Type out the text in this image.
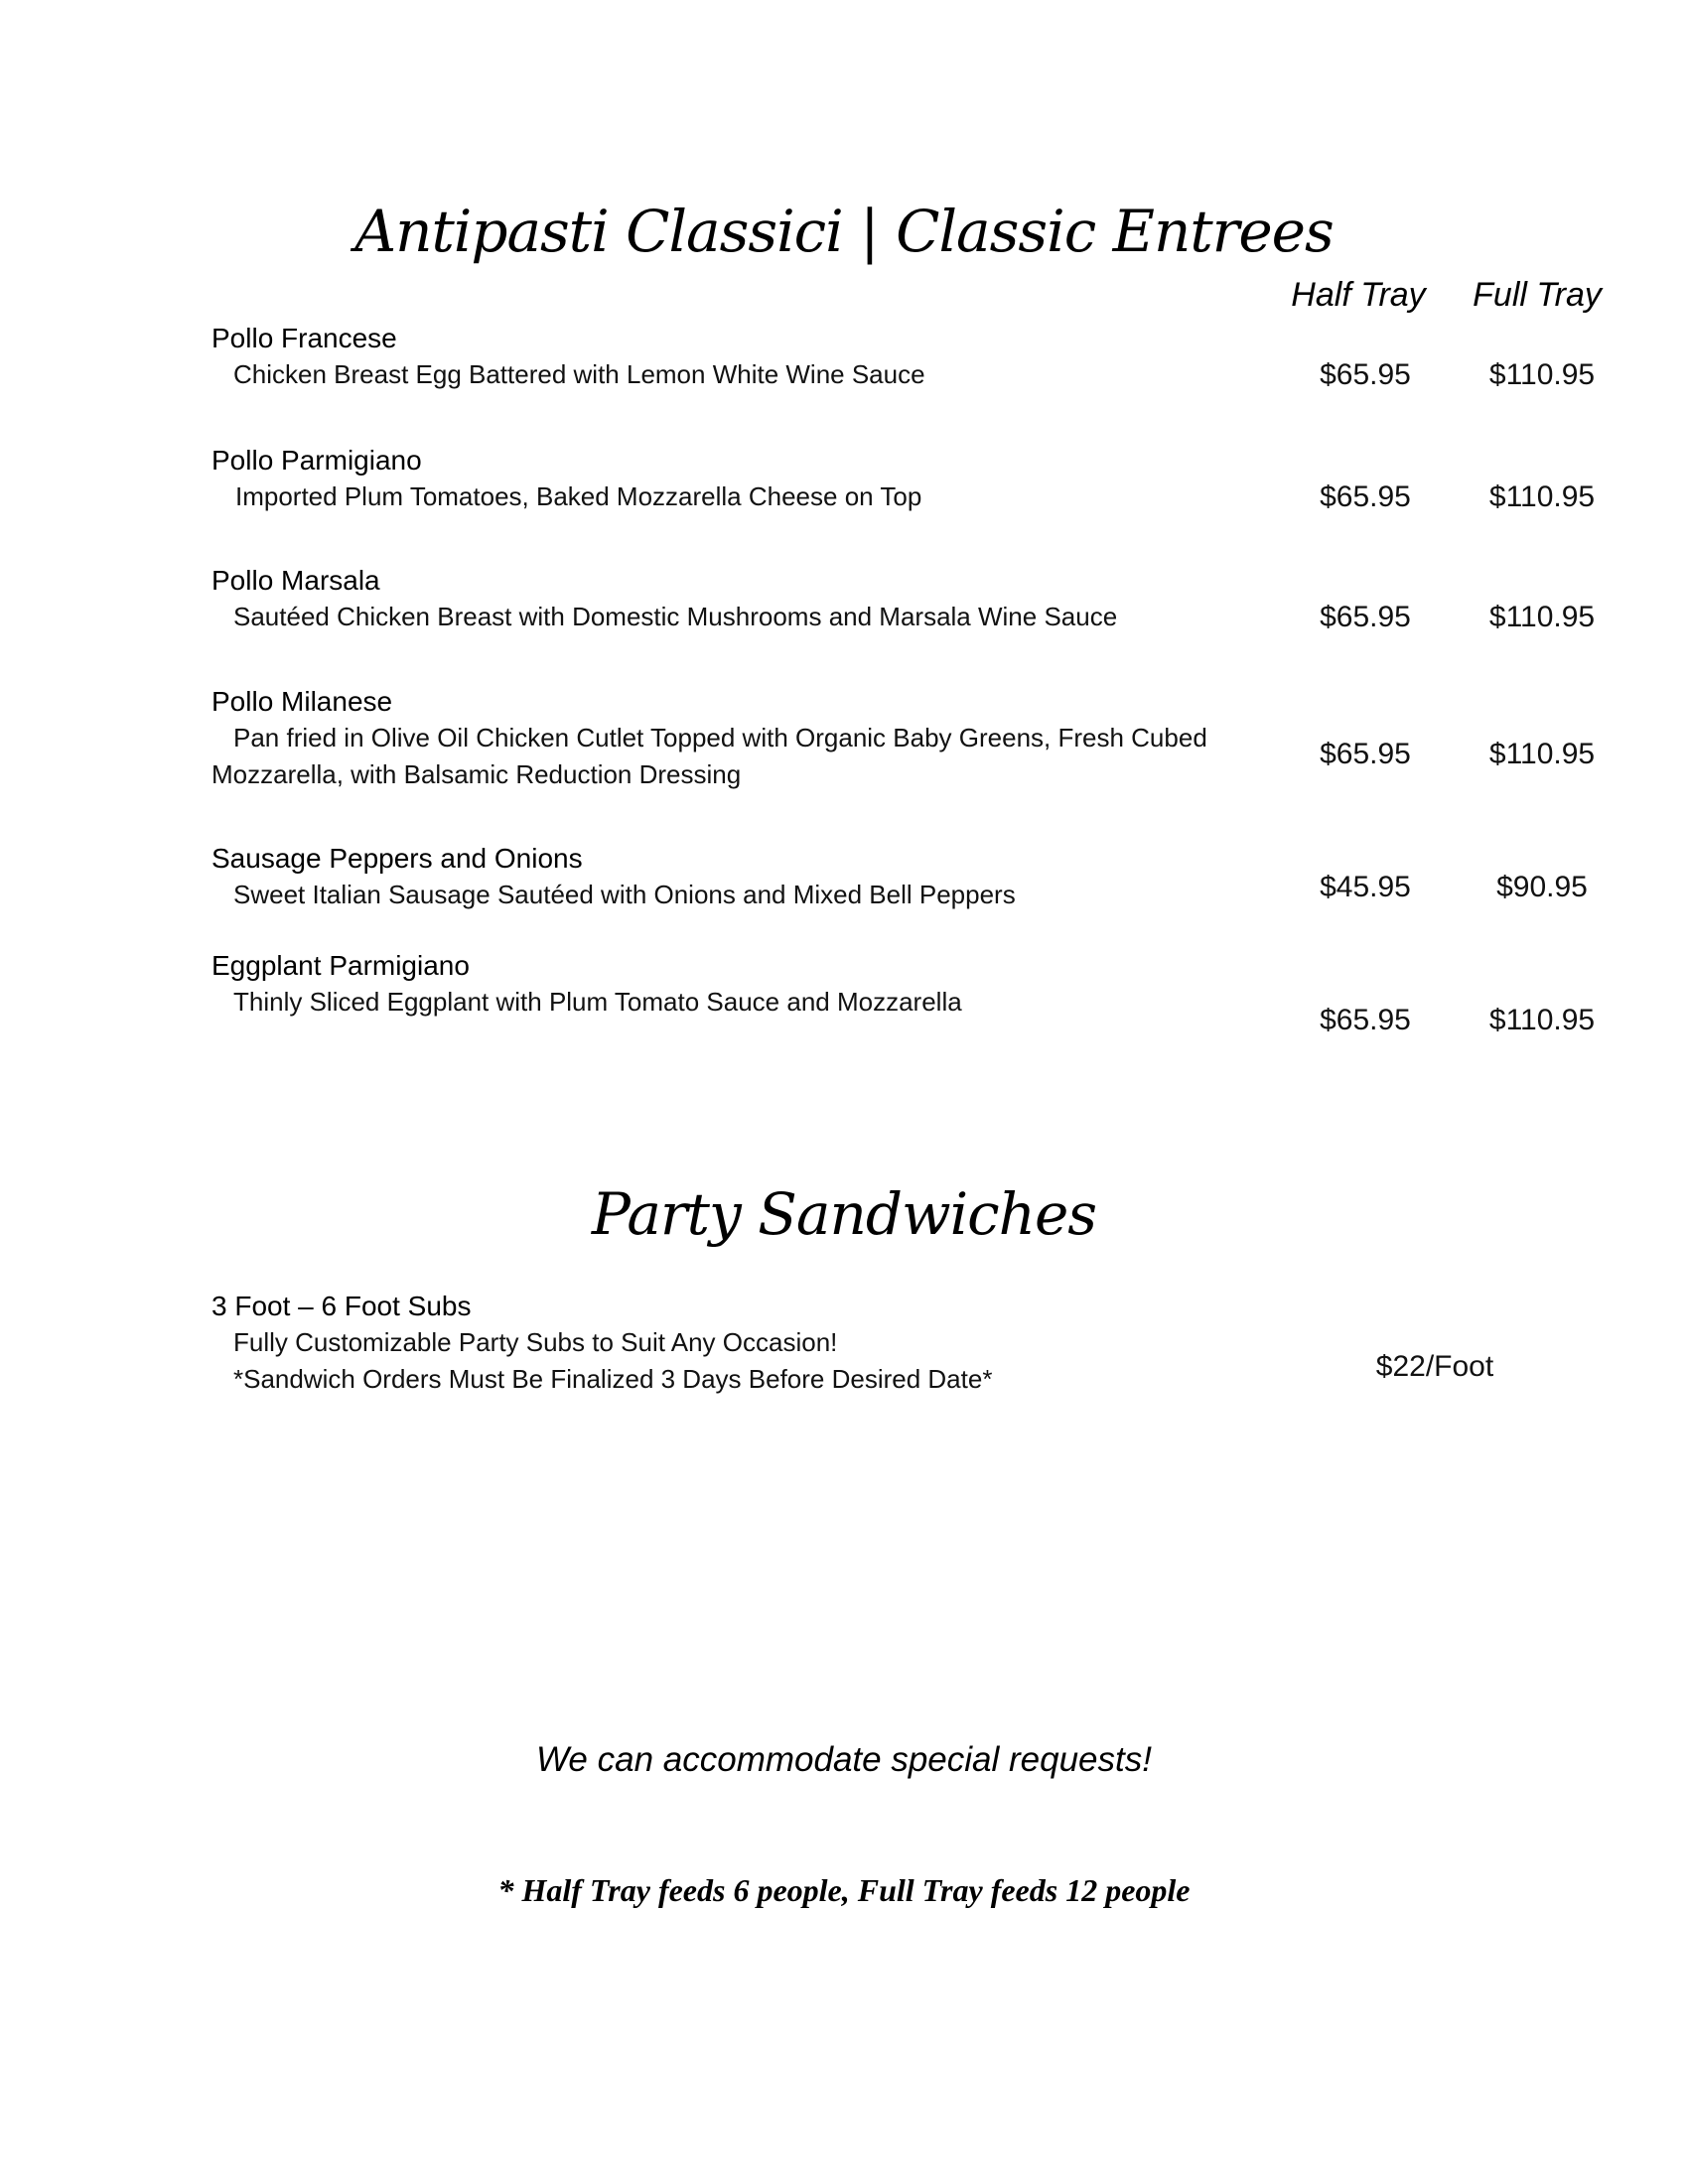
Antipasti Classici | Classic Entrees
Half Tray	Full Tray
Pollo Francese
Chicken Breast Egg Battered with Lemon White Wine Sauce	$65.95	$110.95
Pollo Parmigiano
Imported Plum Tomatoes, Baked Mozzarella Cheese on Top	$65.95	$110.95
Pollo Marsala
Sautéed Chicken Breast with Domestic Mushrooms and Marsala Wine Sauce	$65.95	$110.95
Pollo Milanese
Pan fried in Olive Oil Chicken Cutlet Topped with Organic Baby Greens, Fresh Cubed
Mozzarella, with Balsamic Reduction Dressing
$65.95	$110.95
Sausage Peppers and Onions
Sweet Italian Sausage Sautéed with Onions and Mixed Bell Peppers	$45.95	$90.95
Eggplant Parmigiano
Thinly Sliced Eggplant with Plum Tomato Sauce and Mozzarella
$65.95	$110.95
Party Sandwiches
3 Foot – 6 Foot Subs
Fully Customizable Party Subs to Suit Any Occasion!
*Sandwich Orders Must Be Finalized 3 Days Before Desired Date*	$22/Foot
We can accommodate special requests!
* Half Tray feeds 6 people, Full Tray feeds 12 people
